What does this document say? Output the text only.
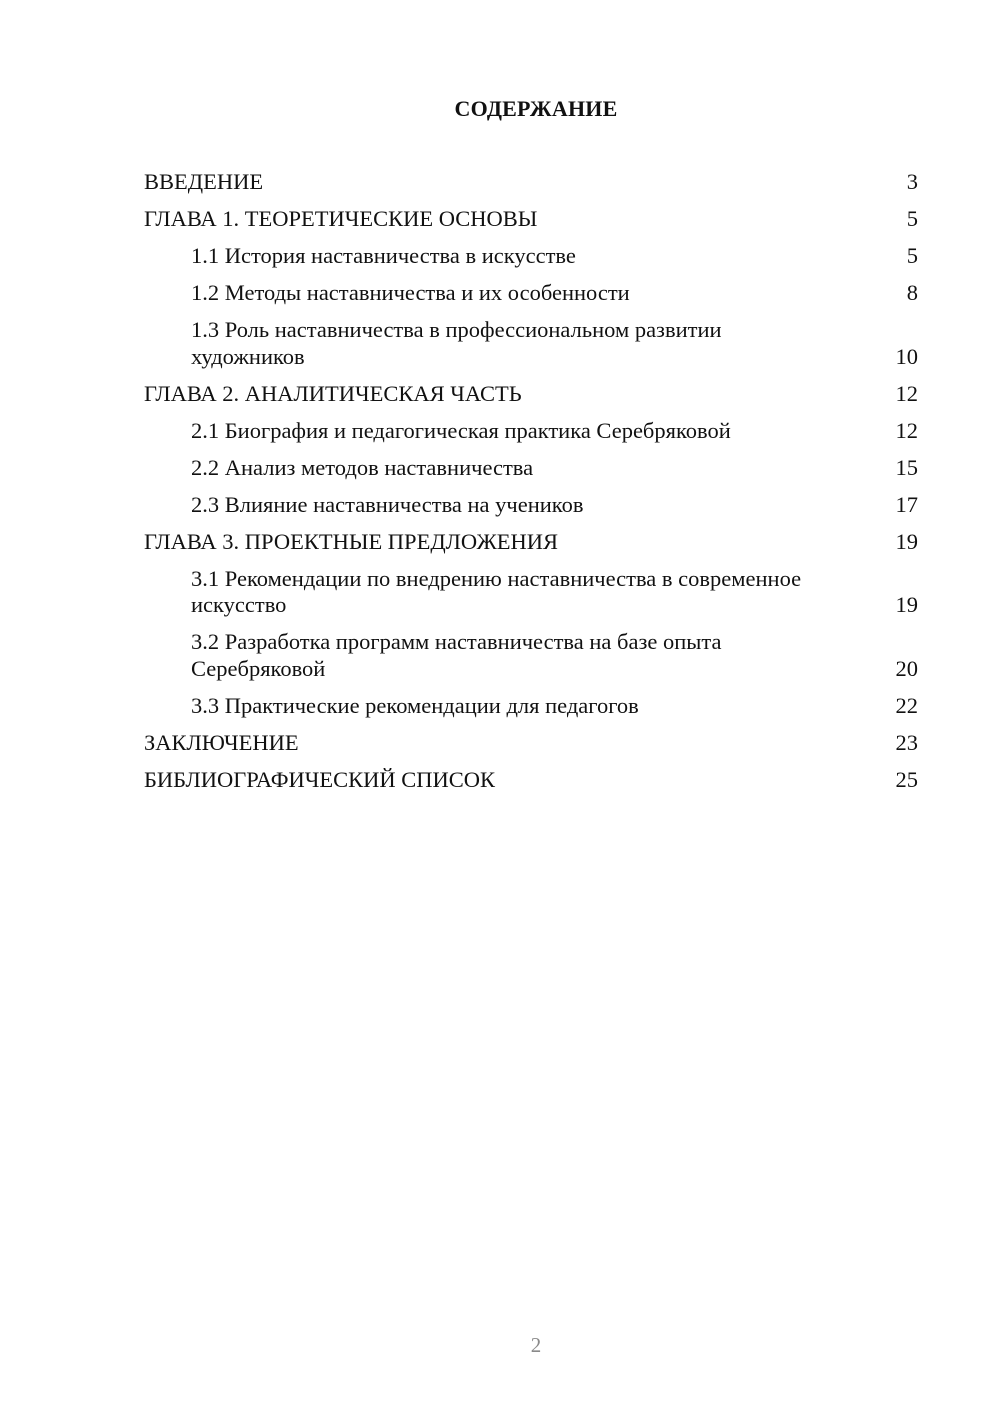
СОДЕРЖАНИЕ
ВВЕДЕНИЕ	3
ГЛАВА 1. ТЕОРЕТИЧЕСКИЕ ОСНОВЫ	5
1.1 История наставничества в искусстве	5
1.2 Методы наставничества и их особенности	8
1.3 Роль наставничества в профессиональном развитии художников	10
ГЛАВА 2. АНАЛИТИЧЕСКАЯ ЧАСТЬ	12
2.1 Биография и педагогическая практика Серебряковой	12
2.2 Анализ методов наставничества	15
2.3 Влияние наставничества на учеников	17
ГЛАВА 3. ПРОЕКТНЫЕ ПРЕДЛОЖЕНИЯ	19
3.1 Рекомендации по внедрению наставничества в современное искусство	19
3.2 Разработка программ наставничества на базе опыта Серебряковой	20
3.3 Практические рекомендации для педагогов	22
ЗАКЛЮЧЕНИЕ	23
БИБЛИОГРАФИЧЕСКИЙ СПИСОК	25
2
